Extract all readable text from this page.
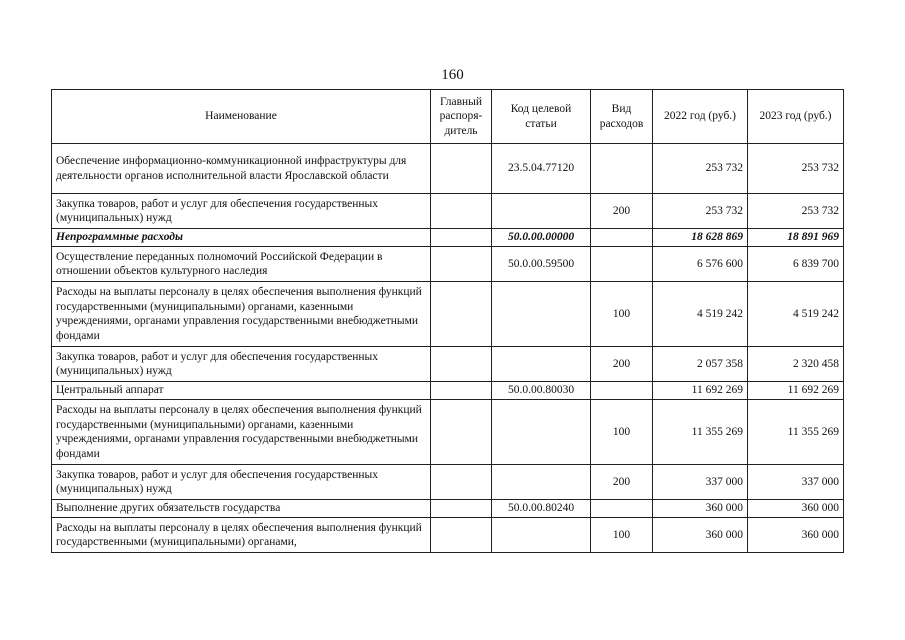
160
Наименование	Главный распоря-дитель	Код целевой статьи	Вид расходов	2022 год (руб.)	2023 год (руб.)
Обеспечение информационно-коммуникационной инфраструктуры для деятельности органов исполнительной власти Ярославской области		23.5.04.77120		253 732	253 732
Закупка товаров, работ и услуг для обеспечения государственных (муниципальных) нужд			200	253 732	253 732
Непрограммные расходы		50.0.00.00000		18 628 869	18 891 969
Осуществление переданных полномочий Российской Федерации в отношении объектов культурного наследия		50.0.00.59500		6 576 600	6 839 700
Расходы на выплаты персоналу в целях обеспечения выполнения функций государственными (муниципальными) органами, казенными учреждениями, органами управления государственными внебюджетными фондами			100	4 519 242	4 519 242
Закупка товаров, работ и услуг для обеспечения государственных (муниципальных) нужд			200	2 057 358	2 320 458
Центральный аппарат		50.0.00.80030		11 692 269	11 692 269
Расходы на выплаты персоналу в целях обеспечения выполнения функций государственными (муниципальными) органами, казенными учреждениями, органами управления государственными внебюджетными фондами			100	11 355 269	11 355 269
Закупка товаров, работ и услуг для обеспечения государственных (муниципальных) нужд			200	337 000	337 000
Выполнение других обязательств государства		50.0.00.80240		360 000	360 000
Расходы на выплаты персоналу в целях обеспечения выполнения функций государственными (муниципальными) органами,			100	360 000	360 000
